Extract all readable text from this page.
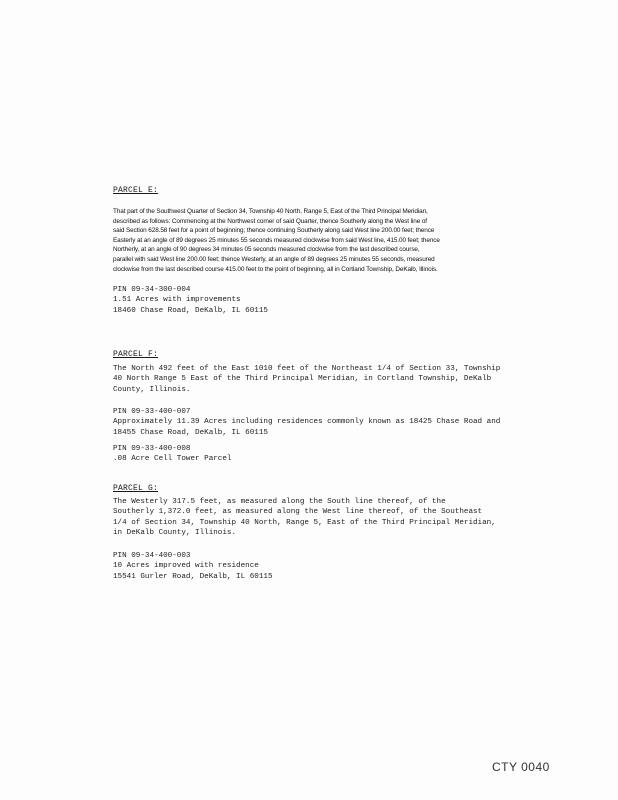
PARCEL E:
That part of the Southwest Quarter of Section 34, Township 40 North, Range 5, East of the Third Principal Meridian,
described as follows: Commencing at the Northwest corner of said Quarter, thence Southerly along the West line of
said Section 628.58 feet for a point of beginning; thence continuing Southerly along said West line 200.00 feet; thence
Easterly at an angle of 89 degrees 25 minutes 55 seconds measured clockwise from said West line, 415.00 feet; thence
Northerly, at an angle of 90 degrees 34 minutes 05 seconds measured clockwise from the last described course,
parallel with said West line 200.00 feet; thence Westerly, at an angle of 89 degrees 25 minutes 55 seconds, measured
clockwise from the last described course 415.00 feet to the point of beginning, all in Cortland Township, DeKalb, Illinois.
PIN 09-34-300-004
1.51 Acres with improvements
18460 Chase Road, DeKalb, IL 60115
PARCEL F:
The North 492 feet of the East 1010 feet of the Northeast 1/4 of Section 33, Township
40 North Range 5 East of the Third Principal Meridian, in Cortland Township, DeKalb
County, Illinois.
PIN 09-33-400-007
Approximately 11.39 Acres including residences commonly known as 18425 Chase Road and
18455 Chase Road, DeKalb, IL 60115
PIN 09-33-400-008
.08 Acre Cell Tower Parcel
PARCEL G:
The Westerly 317.5 feet, as measured along the South line thereof, of the
Southerly 1,372.0 feet, as measured along the West line thereof, of the Southeast
1/4 of Section 34, Township 40 North, Range 5, East of the Third Principal Meridian,
in DeKalb County, Illinois.
PIN 09-34-400-003
10 Acres improved with residence
15541 Gurler Road, DeKalb, IL 60115
CTY 0040
